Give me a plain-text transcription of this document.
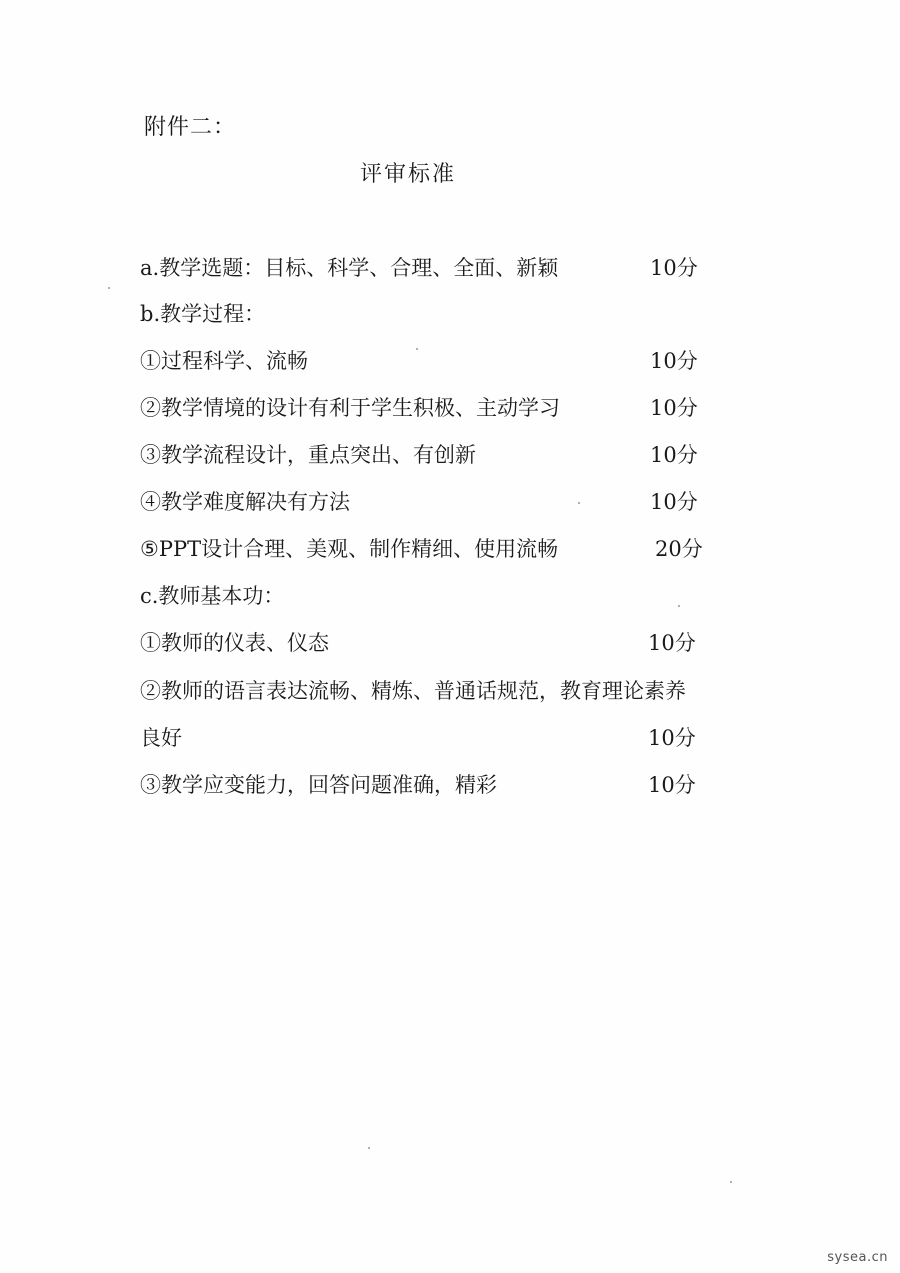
附件二：
评审标准
a.教学选题：目标、科学、合理、全面、新颖	10分
b.教学过程：
①过程科学、流畅	10分
②教学情境的设计有利于学生积极、主动学习	10分
③教学流程设计，重点突出、有创新	10分
④教学难度解决有方法	10分
⑤PPT设计合理、美观、制作精细、使用流畅	20分
c.教师基本功：
①教师的仪表、仪态	10分
②教师的语言表达流畅、精炼、普通话规范，教育理论素养
良好	10分
③教学应变能力，回答问题准确，精彩	10分
sysea.cn
